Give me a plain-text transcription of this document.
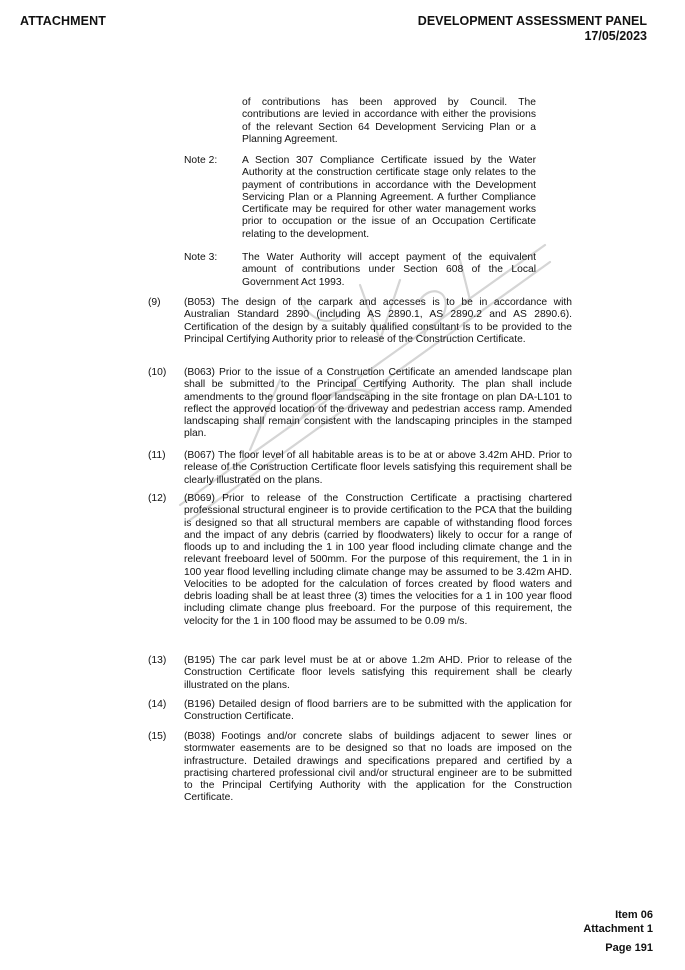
ATTACHMENT	DEVELOPMENT ASSESSMENT PANEL
17/05/2023
of contributions has been approved by Council. The contributions are levied in accordance with either the provisions of the relevant Section 64 Development Servicing Plan or a Planning Agreement.
Note 2: A Section 307 Compliance Certificate issued by the Water Authority at the construction certificate stage only relates to the payment of contributions in accordance with the Development Servicing Plan or a Planning Agreement. A further Compliance Certificate may be required for other water management works prior to occupation or the issue of an Occupation Certificate relating to the development.
Note 3: The Water Authority will accept payment of the equivalent amount of contributions under Section 608 of the Local Government Act 1993.
(9) (B053) The design of the carpark and accesses is to be in accordance with Australian Standard 2890 (including AS 2890.1, AS 2890.2 and AS 2890.6). Certification of the design by a suitably qualified consultant is to be provided to the Principal Certifying Authority prior to release of the Construction Certificate.
(10) (B063) Prior to the issue of a Construction Certificate an amended landscape plan shall be submitted to the Principal Certifying Authority. The plan shall include amendments to the ground floor landscaping in the site frontage on plan DA-L101 to reflect the approved location of the driveway and pedestrian access ramp. Amended landscaping shall remain consistent with the landscaping principles in the stamped plan.
(11) (B067) The floor level of all habitable areas is to be at or above 3.42m AHD. Prior to release of the Construction Certificate floor levels satisfying this requirement shall be clearly illustrated on the plans.
(12) (B069) Prior to release of the Construction Certificate a practising chartered professional structural engineer is to provide certification to the PCA that the building is designed so that all structural members are capable of withstanding flood forces and the impact of any debris (carried by floodwaters) likely to occur for a range of floods up to and including the 1 in 100 year flood including climate change and the relevant freeboard level of 500mm. For the purpose of this requirement, the 1 in in 100 year flood levelling including climate change may be assumed to be 3.42m AHD. Velocities to be adopted for the calculation of forces created by flood waters and debris loading shall be at least three (3) times the velocities for a 1 in 100 year flood including climate change plus freeboard. For the purpose of this requirement, the velocity for the 1 in 100 flood may be assumed to be 0.09 m/s.
(13) (B195) The car park level must be at or above 1.2m AHD. Prior to release of the Construction Certificate floor levels satisfying this requirement shall be clearly illustrated on the plans.
(14) (B196) Detailed design of flood barriers are to be submitted with the application for Construction Certificate.
(15) (B038) Footings and/or concrete slabs of buildings adjacent to sewer lines or stormwater easements are to be designed so that no loads are imposed on the infrastructure. Detailed drawings and specifications prepared and certified by a practising chartered professional civil and/or structural engineer are to be submitted to the Principal Certifying Authority with the application for the Construction Certificate.
Item 06
Attachment 1
Page 191
